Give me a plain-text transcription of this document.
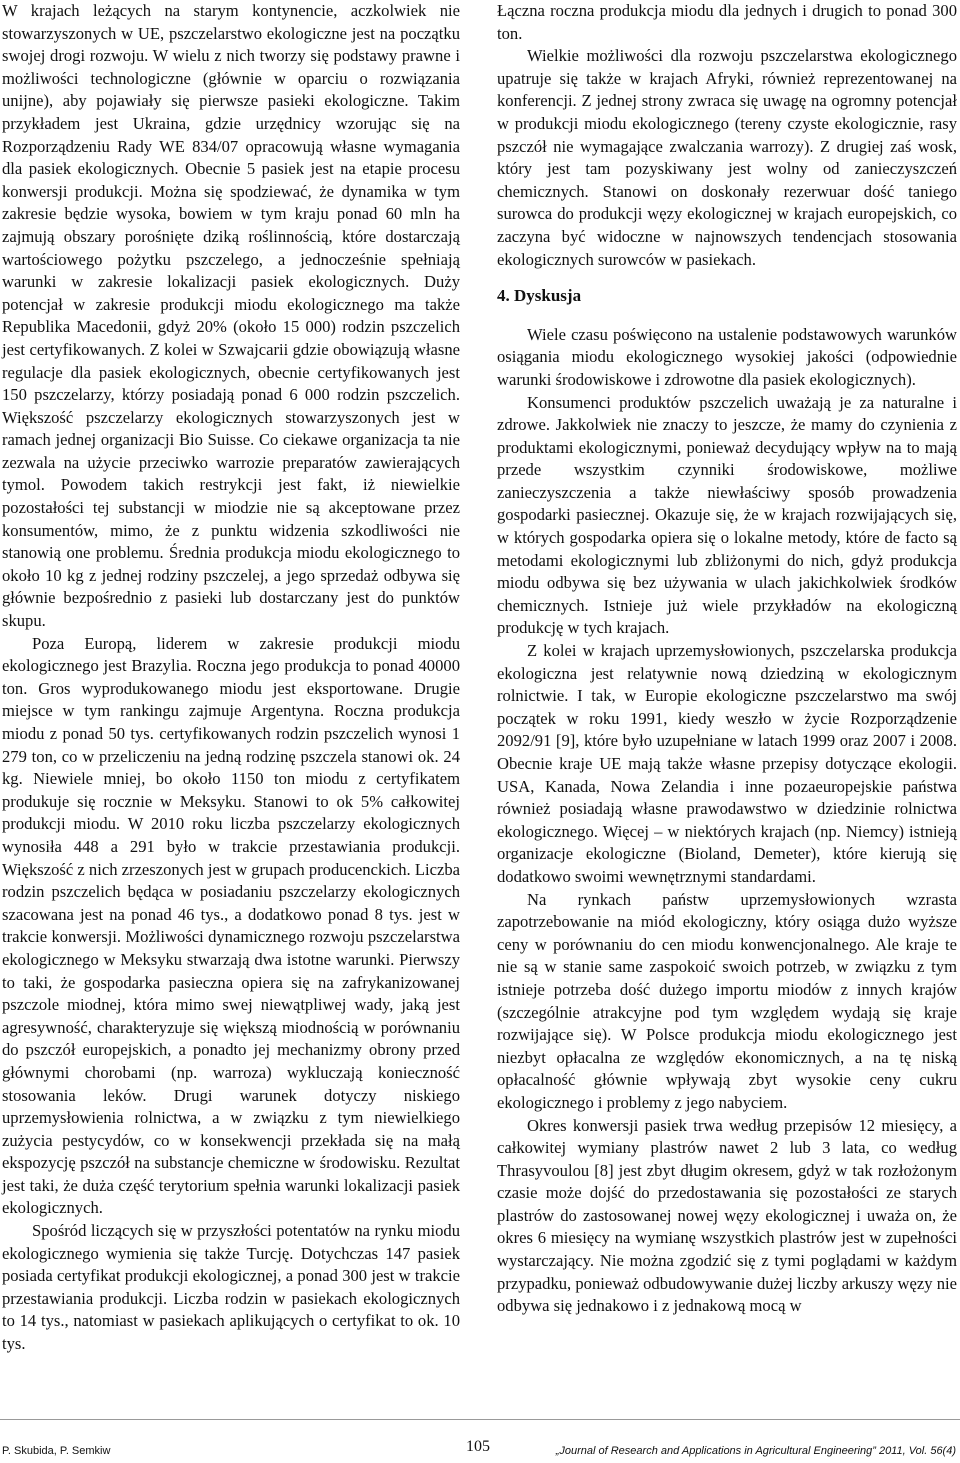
W krajach leżących na starym kontynencie, aczkolwiek nie stowarzyszonych w UE, pszczelarstwo ekologiczne jest na początku swojej drogi rozwoju. W wielu z nich tworzy się podstawy prawne i możliwości technologiczne (głównie w oparciu o rozwiązania unijne), aby pojawiały się pierwsze pasieki ekologiczne. Takim przykładem jest Ukraina, gdzie urzędnicy wzorując się na Rozporządzeniu Rady WE 834/07 opracowują własne wymagania dla pasiek ekologicznych. Obecnie 5 pasiek jest na etapie procesu konwersji produkcji. Można się spodziewać, że dynamika w tym zakresie będzie wysoka, bowiem w tym kraju ponad 60 mln ha zajmują obszary porośnięte dziką roślinnością, które dostarczają wartościowego pożytku pszczelego, a jednocześnie spełniają warunki w zakresie lokalizacji pasiek ekologicznych. Duży potencjał w zakresie produkcji miodu ekologicznego ma także Republika Macedonii, gdyż 20% (około 15 000) rodzin pszczelich jest certyfikowanych. Z kolei w Szwajcarii gdzie obowiązują własne regulacje dla pasiek ekologicznych, obecnie certyfikowanych jest 150 pszczelarzy, którzy posiadają ponad 6 000 rodzin pszczelich. Większość pszczelarzy ekologicznych stowarzyszonych jest w ramach jednej organizacji Bio Suisse. Co ciekawe organizacja ta nie zezwala na użycie przeciwko warrozie preparatów zawierających tymol. Powodem takich restrykcji jest fakt, iż niewielkie pozostałości tej substancji w miodzie nie są akceptowane przez konsumentów, mimo, że z punktu widzenia szkodliwości nie stanowią one problemu. Średnia produkcja miodu ekologicznego to około 10 kg z jednej rodziny pszczelej, a jego sprzedaż odbywa się głównie bezpośrednio z pasieki lub dostarczany jest do punktów skupu.

Poza Europą, liderem w zakresie produkcji miodu ekologicznego jest Brazylia. Roczna jego produkcja to ponad 40000 ton. Gros wyprodukowanego miodu jest eksportowane. Drugie miejsce w tym rankingu zajmuje Argentyna. Roczna produkcja miodu z ponad 50 tys. certyfikowanych rodzin pszczelich wynosi 1 279 ton, co w przeliczeniu na jedną rodzinę pszczela stanowi ok. 24 kg. Niewiele mniej, bo około 1150 ton miodu z certyfikatem produkuje się rocznie w Meksyku. Stanowi to ok 5% całkowitej produkcji miodu. W 2010 roku liczba pszczelarzy ekologicznych wynosiła 448 a 291 było w trakcie przestawiania produkcji. Większość z nich zrzeszonych jest w grupach producenckich. Liczba rodzin pszczelich będąca w posiadaniu pszczelarzy ekologicznych szacowana jest na ponad 46 tys., a dodatkowo ponad 8 tys. jest w trakcie konwersji. Możliwości dynamicznego rozwoju pszczelarstwa ekologicznego w Meksyku stwarzają dwa istotne warunki. Pierwszy to taki, że gospodarka pasieczna opiera się na zafrykanizowanej pszczole miodnej, która mimo swej niewątpliwej wady, jaką jest agresywność, charakteryzuje się większą miodnością w porównaniu do pszczół europejskich, a ponadto jej mechanizmy obrony przed głównymi chorobami (np. warroza) wykluczają konieczność stosowania leków. Drugi warunek dotyczy niskiego uprzemysłowienia rolnictwa, a w związku z tym niewielkiego zużycia pestycydów, co w konsekwencji przekłada się na małą ekspozycję pszczół na substancje chemiczne w środowisku. Rezultat jest taki, że duża część terytorium spełnia warunki lokalizacji pasiek ekologicznych.

Spośród liczących się w przyszłości potentatów na rynku miodu ekologicznego wymienia się także Turcję. Dotychczas 147 pasiek posiada certyfikat produkcji ekologicznej, a ponad 300 jest w trakcie przestawiania produkcji. Liczba rodzin w pasiekach ekologicznych to 14 tys., natomiast w pasiekach aplikujących o certyfikat to ok. 10 tys.

Łączna roczna produkcja miodu dla jednych i drugich to ponad 300 ton.

Wielkie możliwości dla rozwoju pszczelarstwa ekologicznego upatruje się także w krajach Afryki, również reprezentowanej na konferencji. Z jednej strony zwraca się uwagę na ogromny potencjał w produkcji miodu ekologicznego (tereny czyste ekologicznie, rasy pszczół nie wymagające zwalczania warrozy). Z drugiej zaś wosk, który jest tam pozyskiwany jest wolny od zanieczyszczeń chemicznych. Stanowi on doskonały rezerwuar dość taniego surowca do produkcji węzy ekologicznej w krajach europejskich, co zaczyna być widoczne w najnowszych tendencjach stosowania ekologicznych surowców w pasiekach.

4. Dyskusja

Wiele czasu poświęcono na ustalenie podstawowych warunków osiągania miodu ekologicznego wysokiej jakości (odpowiednie warunki środowiskowe i zdrowotne dla pasiek ekologicznych).

Konsumenci produktów pszczelich uważają je za naturalne i zdrowe. Jakkolwiek nie znaczy to jeszcze, że mamy do czynienia z produktami ekologicznymi, ponieważ decydujący wpływ na to mają przede wszystkim czynniki środowiskowe, możliwe zanieczyszczenia a także niewłaściwy sposób prowadzenia gospodarki pasiecznej. Okazuje się, że w krajach rozwijających się, w których gospodarka opiera się o lokalne metody, które de facto są metodami ekologicznymi lub zbliżonymi do nich, gdyż produkcja miodu odbywa się bez używania w ulach jakichkolwiek środków chemicznych. Istnieje już wiele przykładów na ekologiczną produkcję w tych krajach.

Z kolei w krajach uprzemysłowionych, pszczelarska produkcja ekologiczna jest relatywnie nową dziedziną w ekologicznym rolnictwie. I tak, w Europie ekologiczne pszczelarstwo ma swój początek w roku 1991, kiedy weszło w życie Rozporządzenie 2092/91 [9], które było uzupełniane w latach 1999 oraz 2007 i 2008. Obecnie kraje UE mają także własne przepisy dotyczące ekologii. USA, Kanada, Nowa Zelandia i inne pozaeuropejskie państwa również posiadają własne prawodawstwo w dziedzinie rolnictwa ekologicznego. Więcej – w niektórych krajach (np. Niemcy) istnieją organizacje ekologiczne (Bioland, Demeter), które kierują się dodatkowo swoimi wewnętrznymi standardami.

Na rynkach państw uprzemysłowionych wzrasta zapotrzebowanie na miód ekologiczny, który osiąga dużo wyższe ceny w porównaniu do cen miodu konwencjonalnego. Ale kraje te nie są w stanie same zaspokoić swoich potrzeb, w związku z tym istnieje potrzeba dość dużego importu miodów z innych krajów (szczególnie atrakcyjne pod tym względem wydają się kraje rozwijające się). W Polsce produkcja miodu ekologicznego jest niezbyt opłacalna ze względów ekonomicznych, a na tę niską opłacalność głównie wpływają zbyt wysokie ceny cukru ekologicznego i problemy z jego nabyciem.

Okres konwersji pasiek trwa według przepisów 12 miesięcy, a całkowitej wymiany plastrów nawet 2 lub 3 lata, co według Thrasyvoulou [8] jest zbyt długim okresem, gdyż w tak rozłożonym czasie może dojść do przedostawania się pozostałości ze starych plastrów do zastosowanej nowej węzy ekologicznej i uważa on, że okres 6 miesięcy na wymianę wszystkich plastrów jest w zupełności wystarczający. Nie można zgodzić się z tymi poglądami w każdym przypadku, ponieważ odbudowywanie dużej liczby arkuszy węzy nie odbywa się jednakowo i z jednakową mocą w

P. Skubida, P. Semkiw	105	„Journal of Research and Applications in Agricultural Engineering” 2011, Vol. 56(4)
